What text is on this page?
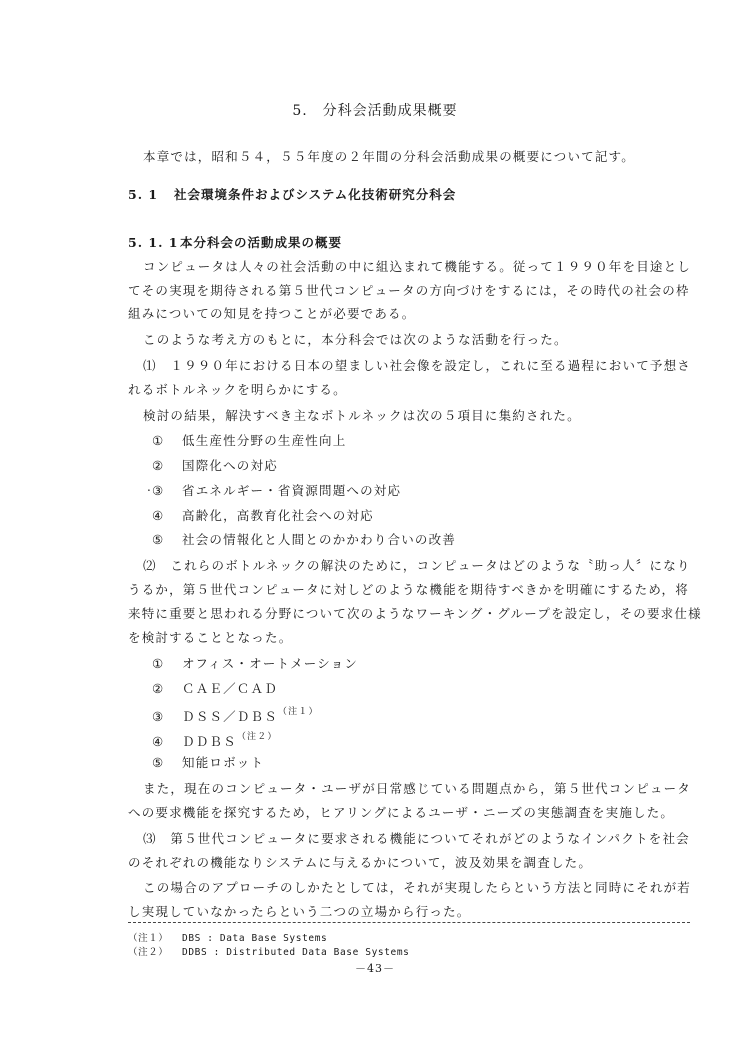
5.　分科会活動成果概要
本章では，昭和５４，５５年度の２年間の分科会活動成果の概要について記す。
5. 1 社会環境条件およびシステム化技術研究分科会
5. 1. 1 本分科会の活動成果の概要
コンピュータは人々の社会活動の中に組込まれて機能する。従って１９９０年を目途とし
てその実現を期待される第５世代コンピュータの方向づけをするには，その時代の社会の枠
組みについての知見を持つことが必要である。
このような考え方のもとに，本分科会では次のような活動を行った。
⑴　１９９０年における日本の望ましい社会像を設定し，これに至る過程において予想さ
れるボトルネックを明らかにする。
検討の結果，解決すべき主なボトルネックは次の５項目に集約された。
① 低生産性分野の生産性向上
② 国際化への対応
. ③ 省エネルギー・省資源問題への対応
④ 高齢化，高教育化社会への対応
⑤ 社会の情報化と人間とのかかわり合いの改善
⑵　これらのボトルネックの解決のために，コンピュータはどのような〝助っ人〞になり
うるか，第５世代コンピュータに対しどのような機能を期待すべきかを明確にするため，将
来特に重要と思われる分野について次のようなワーキング・グループを設定し，その要求仕様
を検討することとなった。
① オフィス・オートメーション
② ＣＡＥ／ＣＡＤ
③ ＤＳＳ／ＤＢＳ$^{(注1)}$
④ ＤＤＢＳ$^{(注2)}$
⑤ 知能ロボット
また，現在のコンピュータ・ユーザが日常感じている問題点から，第５世代コンピュータ
への要求機能を探究するため，ヒアリングによるユーザ・ニーズの実態調査を実施した。
⑶　第５世代コンピュータに要求される機能についてそれがどのようなインパクトを社会
のそれぞれの機能なりシステムに与えるかについて，波及効果を調査した。
この場合のアプローチのしかたとしては，それが実現したらという方法と同時にそれが若
し実現していなかったらという二つの立場から行った。
（注１） DBS : Data Base Systems
（注２） DDBS : Distributed Data Base Systems
－43－
